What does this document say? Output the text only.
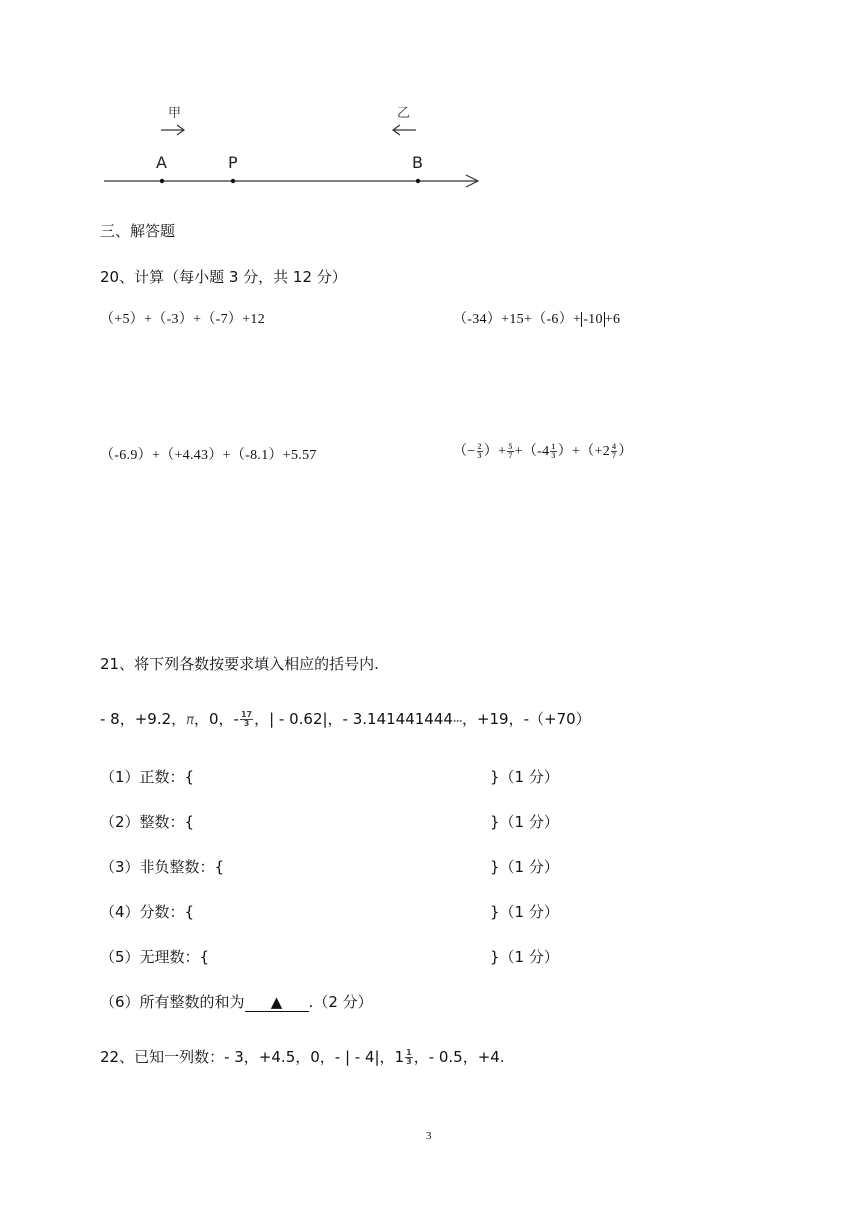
甲	乙
A	P	B
三、解答题
20、计算（每小题 3 分，共 12 分）
（+5）+（-3）+（-7）+12	（-34）+15+（-6）+ -10 +6
（-6.9）+（+4.43）+（-8.1）+5.57	（− $\frac{2}{3}$ ）+ $\frac{5}{7} +(-4 \frac{1}{3} )+(+2 \frac{4}{7}$ ）
21、将下列各数按要求填入相应的括号内.
- 8，+9.2，π，0，- $\frac{17}{3}$ ，| - 0.62|，- 3.141441444⋯，+19，-（+70）
（1）正数：{	}（1 分）
（2）整数：{	}（1 分）
（3）非负整数：{	}（1 分）
（4）分数：{	}（1 分）
（5）无理数：{	}（1 分）
（6）所有整数的和为 ▲ .（2 分）
22、已知一列数：- 3，+4.5，0，- | - 4|，$1 \frac{1}{3}$ ，- 0.5，+4.
3
